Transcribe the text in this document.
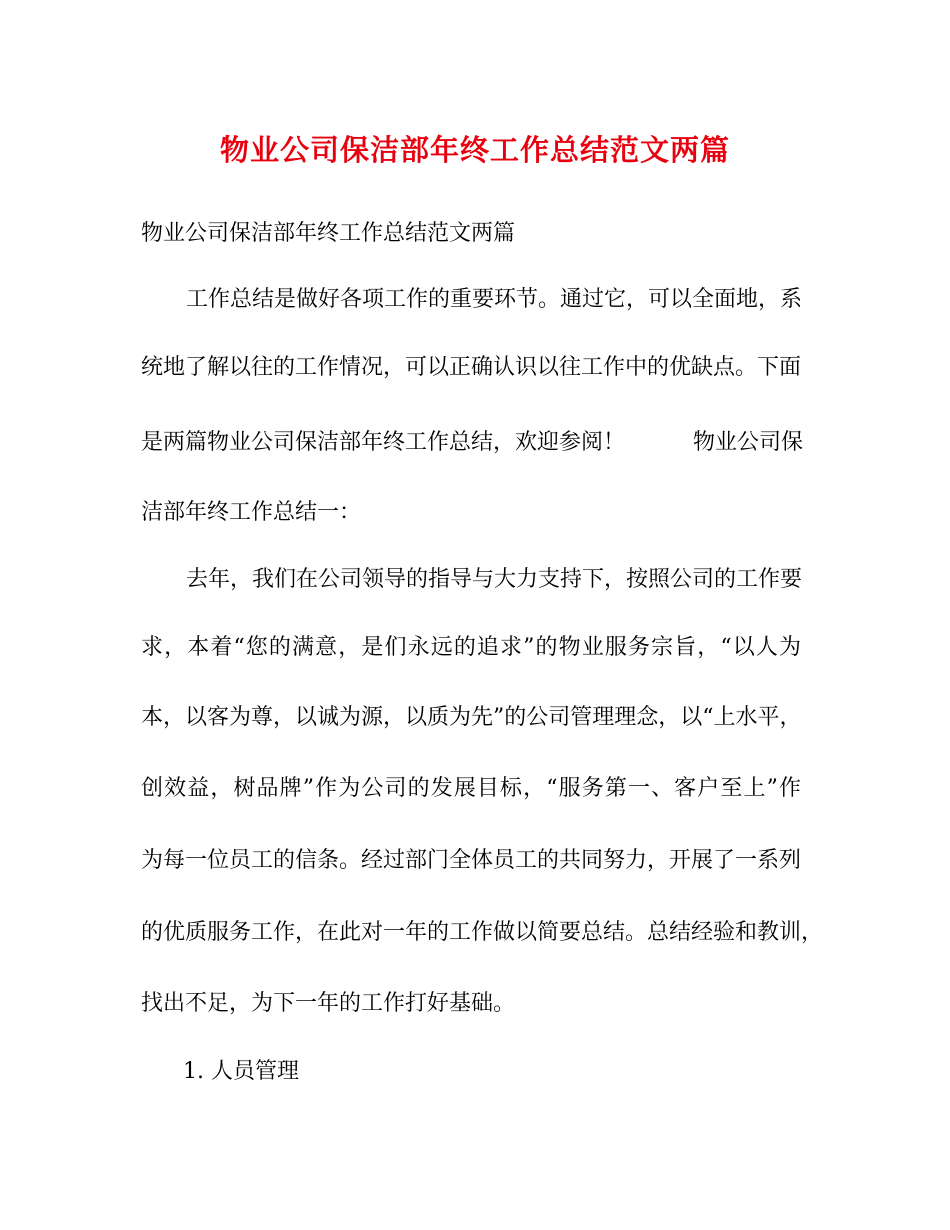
物业公司保洁部年终工作总结范文两篇
物业公司保洁部年终工作总结范文两篇
工作总结是做好各项工作的重要环节。通过它，可以全面地，系
统地了解以往的工作情况，可以正确认识以往工作中的优缺点。下面
是两篇物业公司保洁部年终工作总结，欢迎参阅！	物业公司保
洁部年终工作总结一：
去年，我们在公司领导的指导与大力支持下，按照公司的工作要
求，本着“您的满意，是们永远的追求”的物业服务宗旨，“以人为
本，以客为尊，以诚为源，以质为先”的公司管理理念，以“上水平，
创效益，树品牌”作为公司的发展目标，“服务第一、客户至上”作
为每一位员工的信条。经过部门全体员工的共同努力，开展了一系列
的优质服务工作，在此对一年的工作做以简要总结。总结经验和教训，
找出不足，为下一年的工作打好基础。
1. 人员管理
